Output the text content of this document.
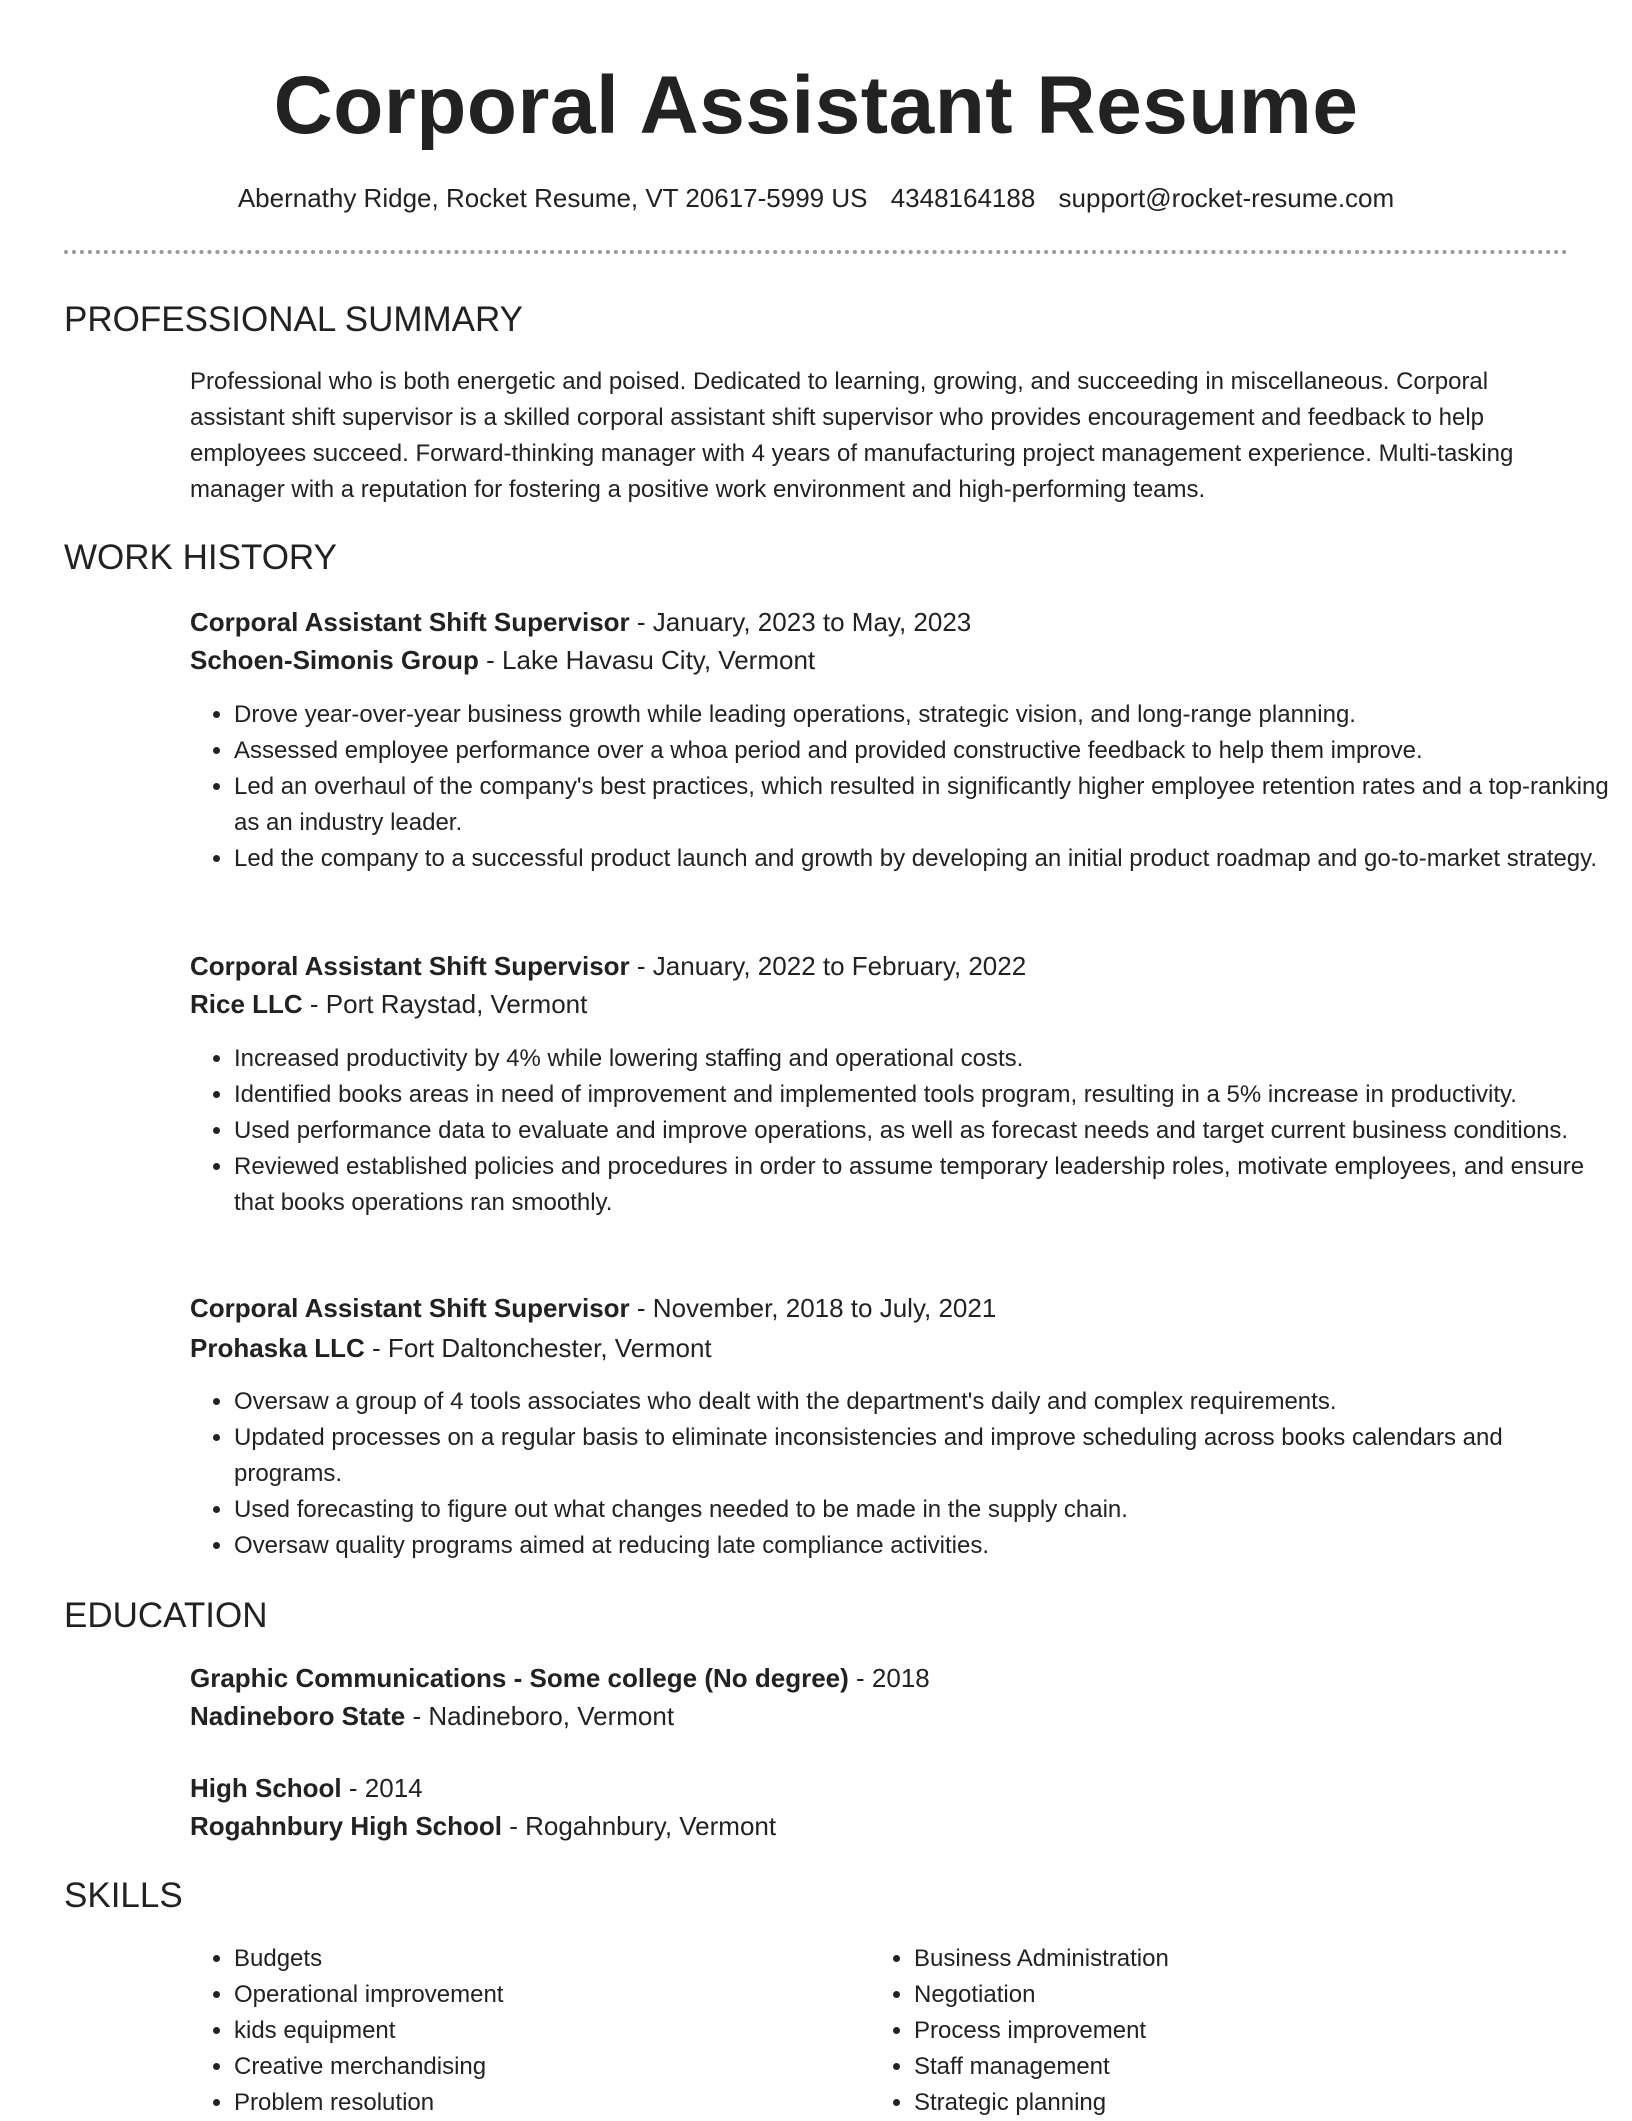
Corporal Assistant Resume
Abernathy Ridge, Rocket Resume, VT 20617-5999 US 4348164188 support@rocket-resume.com
PROFESSIONAL SUMMARY
Professional who is both energetic and poised. Dedicated to learning, growing, and succeeding in miscellaneous. Corporal assistant shift supervisor is a skilled corporal assistant shift supervisor who provides encouragement and feedback to help employees succeed. Forward-thinking manager with 4 years of manufacturing project management experience. Multi-tasking manager with a reputation for fostering a positive work environment and high-performing teams.
WORK HISTORY
Corporal Assistant Shift Supervisor - January, 2023 to May, 2023
Schoen-Simonis Group - Lake Havasu City, Vermont
• Drove year-over-year business growth while leading operations, strategic vision, and long-range planning.
• Assessed employee performance over a whoa period and provided constructive feedback to help them improve.
• Led an overhaul of the company's best practices, which resulted in significantly higher employee retention rates and a top-ranking as an industry leader.
• Led the company to a successful product launch and growth by developing an initial product roadmap and go-to-market strategy.
Corporal Assistant Shift Supervisor - January, 2022 to February, 2022
Rice LLC - Port Raystad, Vermont
• Increased productivity by 4% while lowering staffing and operational costs.
• Identified books areas in need of improvement and implemented tools program, resulting in a 5% increase in productivity.
• Used performance data to evaluate and improve operations, as well as forecast needs and target current business conditions.
• Reviewed established policies and procedures in order to assume temporary leadership roles, motivate employees, and ensure that books operations ran smoothly.
Corporal Assistant Shift Supervisor - November, 2018 to July, 2021
Prohaska LLC - Fort Daltonchester, Vermont
• Oversaw a group of 4 tools associates who dealt with the department's daily and complex requirements.
• Updated processes on a regular basis to eliminate inconsistencies and improve scheduling across books calendars and programs.
• Used forecasting to figure out what changes needed to be made in the supply chain.
• Oversaw quality programs aimed at reducing late compliance activities.
EDUCATION
Graphic Communications - Some college (No degree) - 2018
Nadineboro State - Nadineboro, Vermont
High School - 2014
Rogahnbury High School - Rogahnbury, Vermont
SKILLS
• Budgets
• Operational improvement
• kids equipment
• Creative merchandising
• Problem resolution
• Business Administration
• Negotiation
• Process improvement
• Staff management
• Strategic planning
